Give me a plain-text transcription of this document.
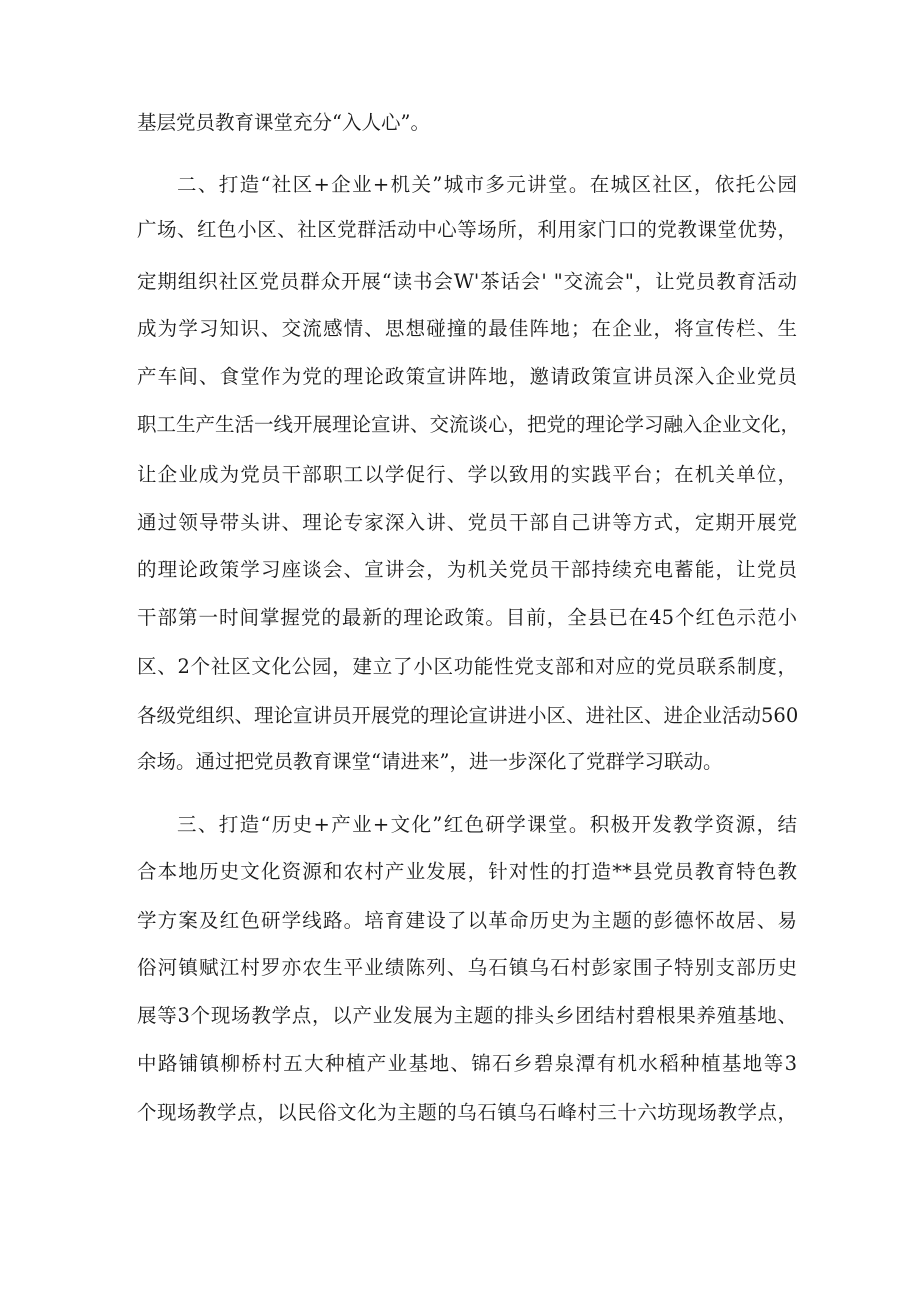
基层党员教育课堂充分“入人心”。
二、打造“社区+企业+机关”城市多元讲堂。在城区社区，依托公园
广场、红色小区、社区党群活动中心等场所，利用家门口的党教课堂优势，
定期组织社区党员群众开展“读书会W'茶话会' "交流会"，让党员教育活动
成为学习知识、交流感情、思想碰撞的最佳阵地；在企业，将宣传栏、生
产车间、食堂作为党的理论政策宣讲阵地，邀请政策宣讲员深入企业党员
职工生产生活一线开展理论宣讲、交流谈心，把党的理论学习融入企业文化，
让企业成为党员干部职工以学促行、学以致用的实践平台；在机关单位，
通过领导带头讲、理论专家深入讲、党员干部自己讲等方式，定期开展党
的理论政策学习座谈会、宣讲会，为机关党员干部持续充电蓄能，让党员
干部第一时间掌握党的最新的理论政策。目前，全县已在45个红色示范小
区、2个社区文化公园，建立了小区功能性党支部和对应的党员联系制度，
各级党组织、理论宣讲员开展党的理论宣讲进小区、进社区、进企业活动560
余场。通过把党员教育课堂“请进来”，进一步深化了党群学习联动。
三、打造“历史+产业+文化”红色研学课堂。积极开发教学资源，结
合本地历史文化资源和农村产业发展，针对性的打造**县党员教育特色教
学方案及红色研学线路。培育建设了以革命历史为主题的彭德怀故居、易
俗河镇赋江村罗亦农生平业绩陈列、乌石镇乌石村彭家围子特别支部历史
展等3个现场教学点，以产业发展为主题的排头乡团结村碧根果养殖基地、
中路铺镇柳桥村五大种植产业基地、锦石乡碧泉潭有机水稻种植基地等3
个现场教学点，以民俗文化为主题的乌石镇乌石峰村三十六坊现场教学点，
